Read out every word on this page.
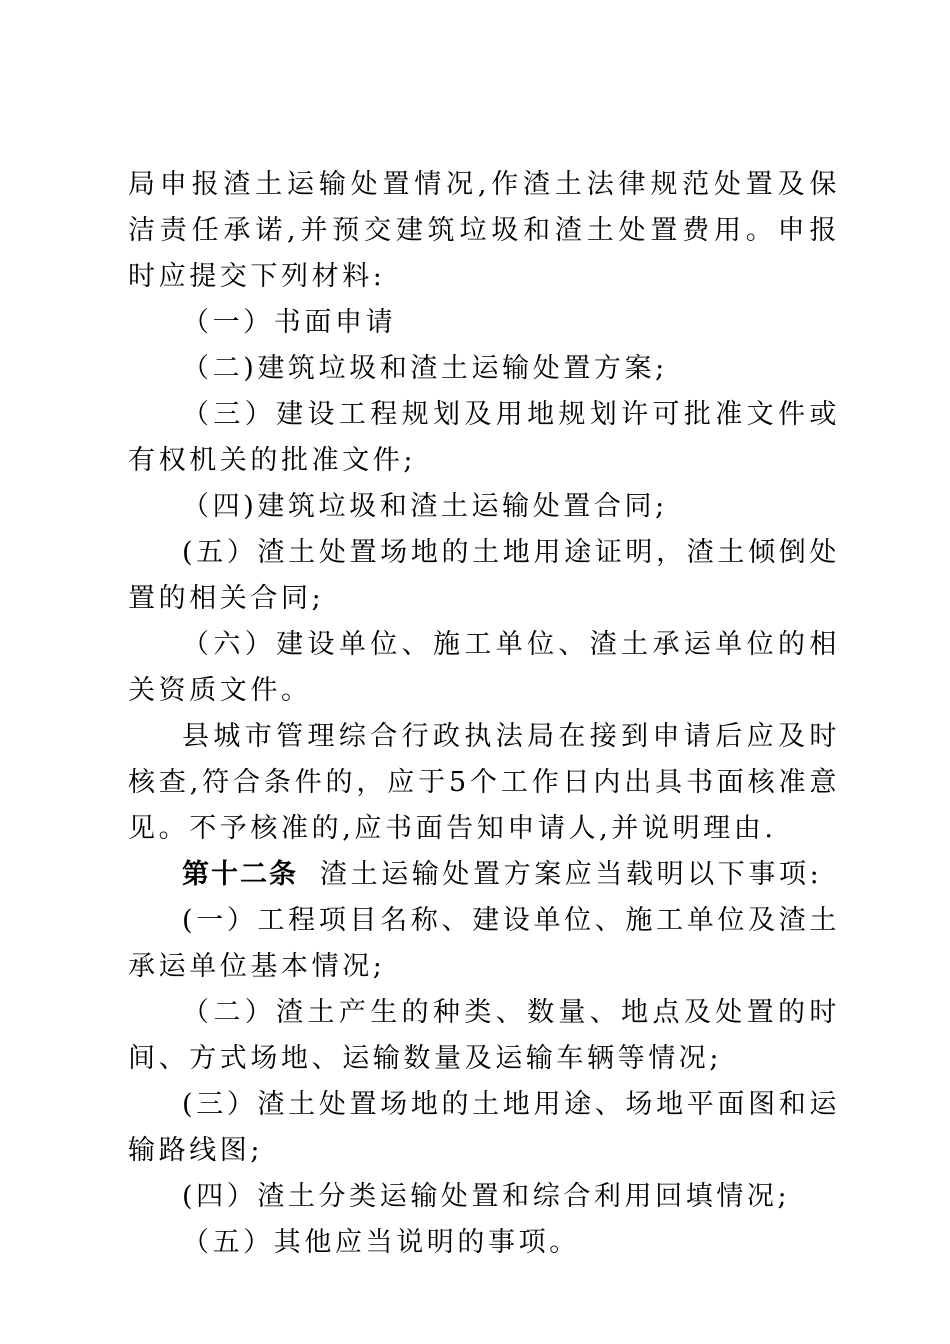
局申报渣土运输处置情况,作渣土法律规范处置及保洁责任承诺,并预交建筑垃圾和渣土处置费用。申报时应提交下列材料:

（一）书面申请

（二)建筑垃圾和渣土运输处置方案;

（三）建设工程规划及用地规划许可批准文件或有权机关的批准文件;

（四)建筑垃圾和渣土运输处置合同;

(五）渣土处置场地的土地用途证明，渣土倾倒处置的相关合同;

（六）建设单位、施工单位、渣土承运单位的相关资质文件。

县城市管理综合行政执法局在接到申请后应及时核查,符合条件的，应于5个工作日内出具书面核准意见。不予核准的,应书面告知申请人,并说明理由.

第十二条 渣土运输处置方案应当载明以下事项:

(一）工程项目名称、建设单位、施工单位及渣土承运单位基本情况;

（二）渣土产生的种类、数量、地点及处置的时间、方式场地、运输数量及运输车辆等情况;

(三）渣土处置场地的土地用途、场地平面图和运输路线图;

(四）渣土分类运输处置和综合利用回填情况;

（五）其他应当说明的事项。
